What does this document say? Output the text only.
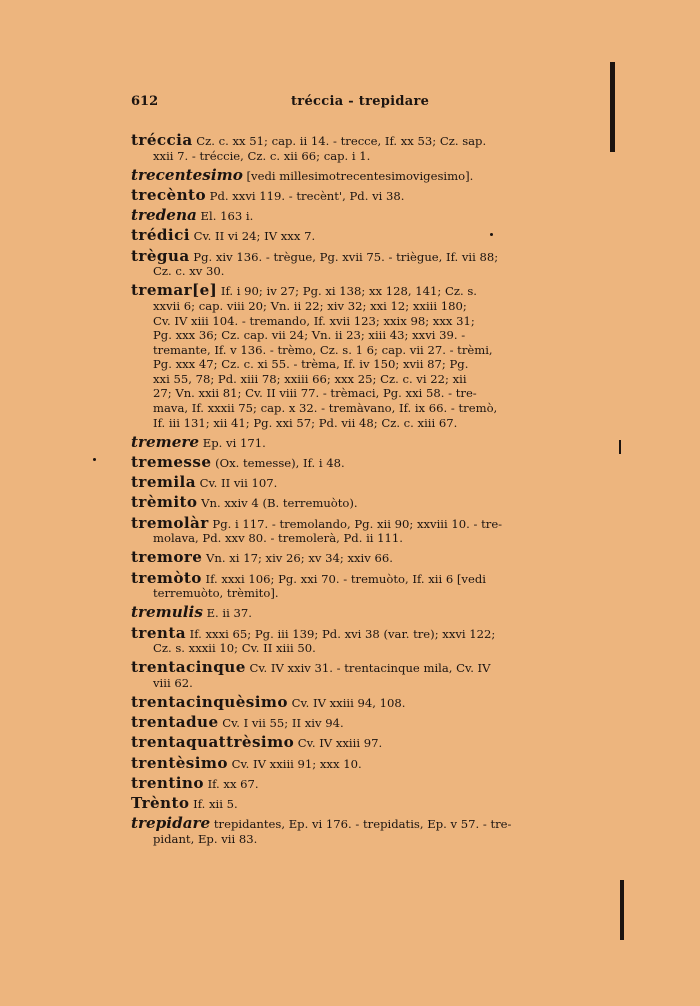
612	tréccia - trepidare
tréccia Cz. c. xx 51; cap. ii 14. - trecce, If. xx 53; Cz. sap.
xxii 7. - tréccie, Cz. c. xii 66; cap. i 1.
trecentesimo [vedi millesimotrecentesimovigesimo].
trecènto Pd. xxvi 119. - trecènt', Pd. vi 38.
tredena El. 163 i.
trédici Cv. II vi 24; IV xxx 7.
trègua Pg. xiv 136. - trègue, Pg. xvii 75. - triègue, If. vii 88;
Cz. c. xv 30.
tremar[e] If. i 90; iv 27; Pg. xi 138; xx 128, 141; Cz. s.
xxvii 6; cap. viii 20; Vn. ii 22; xiv 32; xxi 12; xxiii 180;
Cv. IV xiii 104. - tremando, If. xvii 123; xxix 98; xxx 31;
Pg. xxx 36; Cz. cap. vii 24; Vn. ii 23; xiii 43; xxvi 39. -
tremante, If. v 136. - trèmo, Cz. s. 1 6; cap. vii 27. - trèmi,
Pg. xxx 47; Cz. c. xi 55. - trèma, If. iv 150; xvii 87; Pg.
xxi 55, 78; Pd. xiii 78; xxiii 66; xxx 25; Cz. c. vi 22; xii
27; Vn. xxii 81; Cv. II viii 77. - trèmaci, Pg. xxi 58. - tre-
mava, If. xxxii 75; cap. x 32. - tremàvano, If. ix 66. - tremò,
If. iii 131; xii 41; Pg. xxi 57; Pd. vii 48; Cz. c. xiii 67.
tremere Ep. vi 171.
tremesse (Ox. temesse), If. i 48.
tremila Cv. II vii 107.
trèmito Vn. xxiv 4 (B. terremuòto).
tremolàr Pg. i 117. - tremolando, Pg. xii 90; xxviii 10. - tre-
molava, Pd. xxv 80. - tremolerà, Pd. ii 111.
tremore Vn. xi 17; xiv 26; xv 34; xxiv 66.
tremòto If. xxxi 106; Pg. xxi 70. - tremuòto, If. xii 6 [vedi
terremuòto, trèmito].
tremulis E. ii 37.
trenta If. xxxi 65; Pg. iii 139; Pd. xvi 38 (var. tre); xxvi 122;
Cz. s. xxxii 10; Cv. II xiii 50.
trentacinque Cv. IV xxiv 31. - trentacinque mila, Cv. IV
viii 62.
trentacinquèsimo Cv. IV xxiii 94, 108.
trentadue Cv. I vii 55; II xiv 94.
trentaquattrèsimo Cv. IV xxiii 97.
trentèsimo Cv. IV xxiii 91; xxx 10.
trentino If. xx 67.
Trènto If. xii 5.
trepidare trepidantes, Ep. vi 176. - trepidatis, Ep. v 57. - tre-
pidant, Ep. vii 83.
